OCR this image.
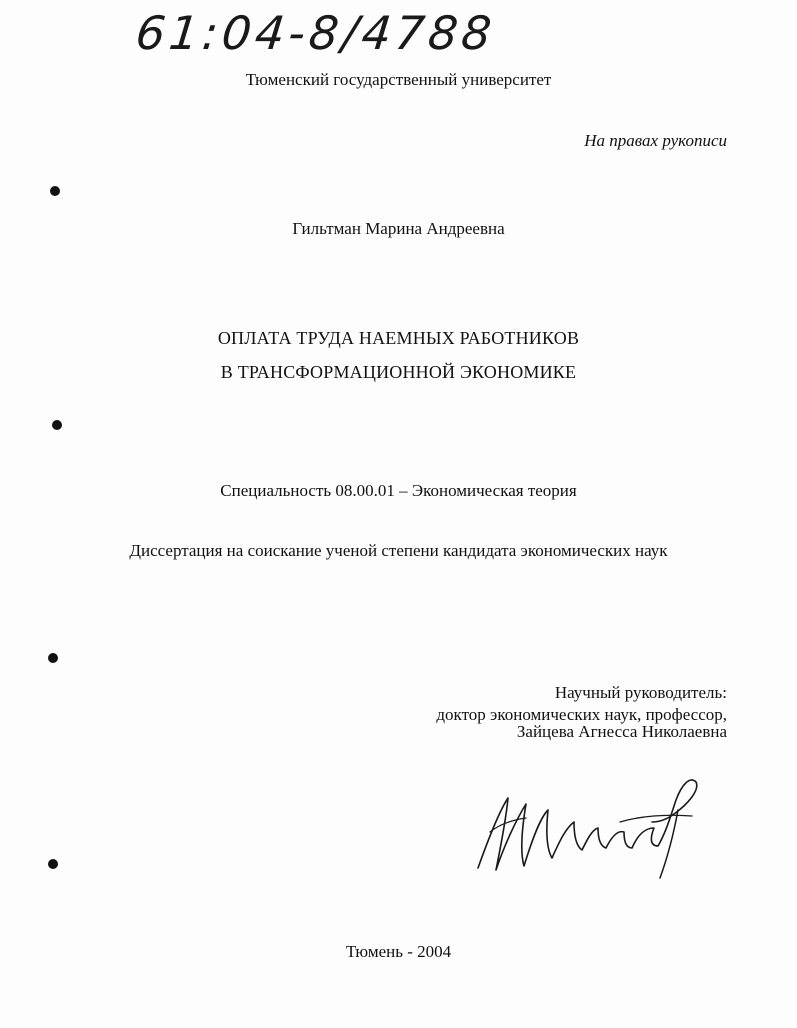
61:04-8/4788
Тюменский государственный университет
На правах рукописи
Гильтман Марина Андреевна
ОПЛАТА ТРУДА НАЕМНЫХ РАБОТНИКОВ
В ТРАНСФОРМАЦИОННОЙ ЭКОНОМИКЕ
Специальность 08.00.01 – Экономическая теория
Диссертация на соискание ученой степени кандидата экономических наук
Научный руководитель:
доктор экономических наук, профессор,
Зайцева Агнесса Николаевна
Тюмень - 2004
